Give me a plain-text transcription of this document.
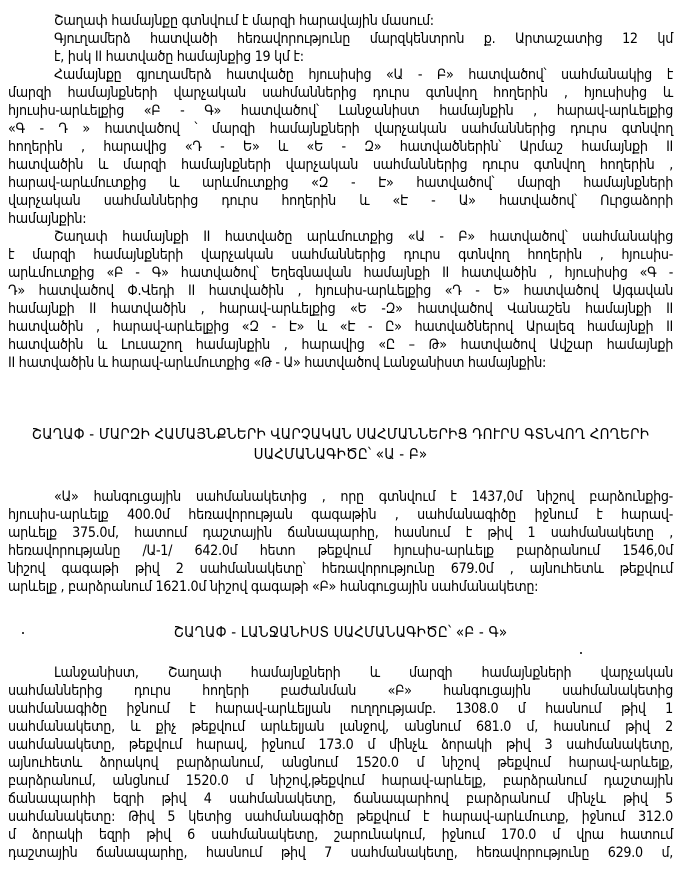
Շաղափ համայնքը գտնվում է մարզի հարավային մասում:
Գյուղամերձ հատվածի հեռավորությունը մարզկենտրոն ք. Արտաշատից 12 կմ
է, իսկ II հատվածը համայնքից 19 կմ է:
Համայնքը գյուղամերձ հատվածը հյուսիսից «Ա - Բ» հատվածով՝ սահմանակից է
մարզի համայնքների վարչական սահմաններից դուրս գտնվող հողերին , հյուսիսից և
հյուսիս-արևելքից «Բ - Գ» հատվածով՝ Լանջանիստ համայնքին , հարավ-արևելքից
«Գ - Դ » հատվածով ՝ մարզի համայնքների վարչական սահմաններից դուրս գտնվող
հողերին , հարավից «Դ - Ե» և «Ե - Զ» հատվածներին՝ Արմաշ համայնքի II
հատվածին և մարզի համայնքների վարչական սահմաններից դուրս գտնվող հողերին ,
հարավ-արևմուտքից և արևմուտքից «Զ - Է» հատվածով՝ մարզի համայնքների
վարչական սահմաններից դուրս հողերին և «Է - Ա» հատվածով՝ Ուրցաձորի
համայնքին:
Շաղափ համայնքի II հատվածը արևմուտքից «Ա - Բ» հատվածով՝ սահմանակից
է մարզի համայնքների վարչական սահմաններից դուրս գտնվող հողերին , հյուսիս-
արևմուտքից «Բ - Գ» հատվածով՝ Եղեգնավան համայնքի II հատվածին , հյուսիսից «Գ -
Դ» հատվածով Փ.Վեդի II հատվածին , հյուսիս-արևելքից «Դ - Ե» հատվածով Այգավան
համայնքի II հատվածին , հարավ-արևելքից «Ե -Զ» հատվածով Վանաշեն համայնքի II
հատվածին , հարավ-արևելքից «Զ - Է» և «Է - Ը» հատվածներով Արալեզ համայնքի II
հատվածին և Լուսաշող համայնքին , հարավից «Ը – Թ» հատվածով Ավշար համայնքի
II հատվածին և հարավ-արևմուտքից «Թ - Ա» հատվածով Լանջանիստ համայնքին:
ՇԱՂԱՓ - ՄԱՐԶԻ ՀԱՄԱՅՆՔՆԵՐԻ ՎԱՐՉԱԿԱՆ ՍԱՀՄԱՆՆԵՐԻՑ ԴՈՒՐՍ ԳՏՆՎՈՂ ՀՈՂԵՐԻ
ՍԱՀՄԱՆԱԳԻԾԸ՝ «Ա - Բ»
«Ա» հանգուցային սահմանակետից , որը գտնվում է 1437,0մ նիշով բարձունքից-
հյուսիս-արևելք 400.0մ հեռավորության գագաթին , սահմանագիծը իջնում է հարավ-
արևելք 375.0մ, հատում դաշտային ճանապարհը, հասնում է թիվ 1 սահմանակետը ,
հեռավորությանը /Ա-1/ 642.0մ հետո թեքվում հյուսիս-արևելք բարձրանում 1546,0մ
նիշով գագաթի թիվ 2 սահմանակետը՝ հեռավորությունը 679.0մ , այնուհետև թեքվում
արևելք , բարձրանում 1621.0մ նիշով գագաթի «Բ» հանգուցային սահմանակետը:
ՇԱՂԱՓ - ԼԱՆՋԱՆԻՍՏ ՍԱՀՄԱՆԱԳԻԾԸ՝ «Բ - Գ»
Լանջանիստ, Շաղափ համայնքների և մարզի համայնքների վարչական
սահմաններից դուրս հողերի բաժանման «Բ» հանգուցային սահմանակետից
սահմանագիծը իջնում է հարավ-արևելյան ուղղությամբ. 1308.0 մ հասնում թիվ 1
սահմանակետը, և քիչ թեքվում արևելյան լանջով, անցնում 681.0 մ, հասնում թիվ 2
սահմանակետը, թեքվում հարավ, իջնում 173.0 մ մինչև ձորակի թիվ 3 սահմանակետը,
այնուհետև ձորակով բարձրանում, անցնում 1520.0 մ նիշով թեքվում հարավ-արևելք,
բարձրանում, անցնում 1520.0 մ նիշով,թեքվում հարավ-արևելք, բարձրանում դաշտային
ճանապարհի եզրի թիվ 4 սահմանակետը, ճանապարհով բարձրանում մինչև թիվ 5
սահմանակետը: Թիվ 5 կետից սահմանագիծը թեքվում է հարավ-արևմուտք, իջնում 312.0
մ ձորակի եզրի թիվ 6 սահմանակետը, շարունակում, իջնում 170.0 մ վրա հատում
դաշտային ճանապարհը, հասնում թիվ 7 սահմանակետը, հեռավորությունը 629.0 մ,
